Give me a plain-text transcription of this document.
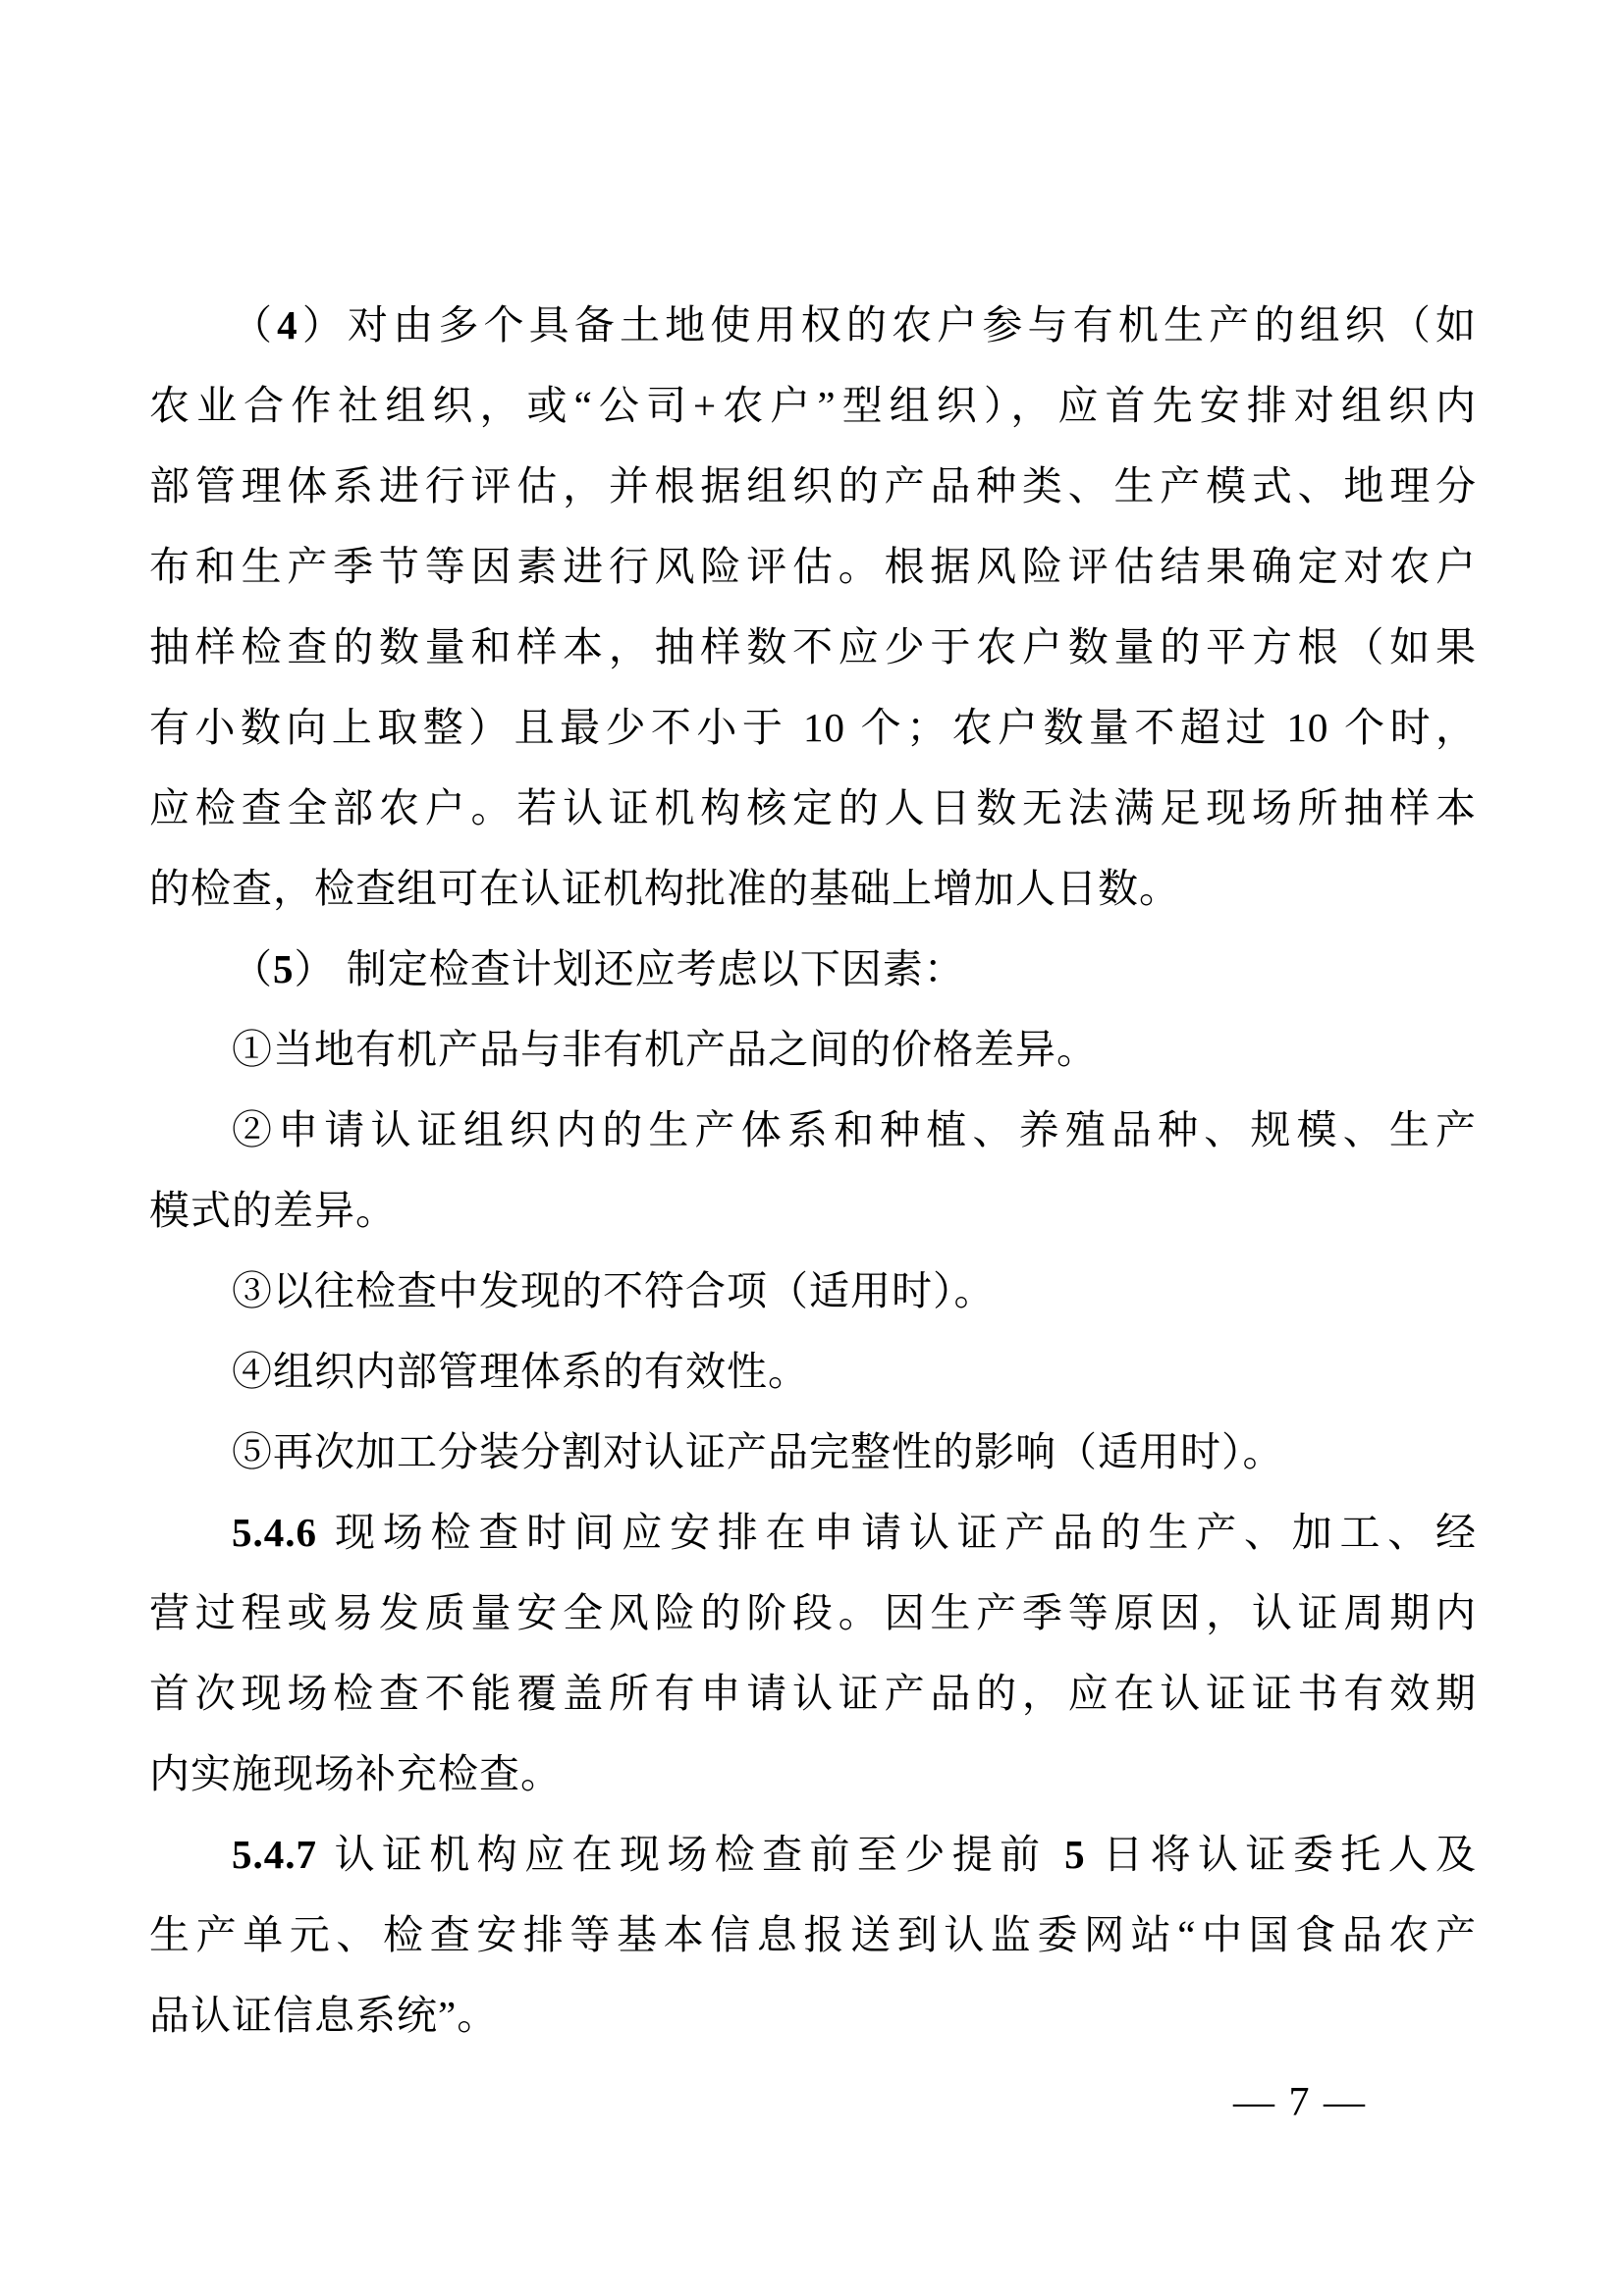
（4）对由多个具备土地使用权的农户参与有机生产的组织（如
农业合作社组织，或“公司+农户”型组织），应首先安排对组织内
部管理体系进行评估，并根据组织的产品种类、生产模式、地理分
布和生产季节等因素进行风险评估。根据风险评估结果确定对农户
抽样检查的数量和样本，抽样数不应少于农户数量的平方根（如果
有小数向上取整）且最少不小于 10 个；农户数量不超过 10 个时，
应检查全部农户。若认证机构核定的人日数无法满足现场所抽样本
的检查，检查组可在认证机构批准的基础上增加人日数。
（5） 制定检查计划还应考虑以下因素：
①当地有机产品与非有机产品之间的价格差异。
②申请认证组织内的生产体系和种植、养殖品种、规模、生产
模式的差异。
③以往检查中发现的不符合项（适用时）。
④组织内部管理体系的有效性。
⑤再次加工分装分割对认证产品完整性的影响（适用时）。
5.4.6 现场检查时间应安排在申请认证产品的生产、加工、经
营过程或易发质量安全风险的阶段。因生产季等原因，认证周期内
首次现场检查不能覆盖所有申请认证产品的，应在认证证书有效期
内实施现场补充检查。
5.4.7 认证机构应在现场检查前至少提前 5 日将认证委托人及
生产单元、检查安排等基本信息报送到认监委网站“中国食品农产
品认证信息系统”。
— 7 —
